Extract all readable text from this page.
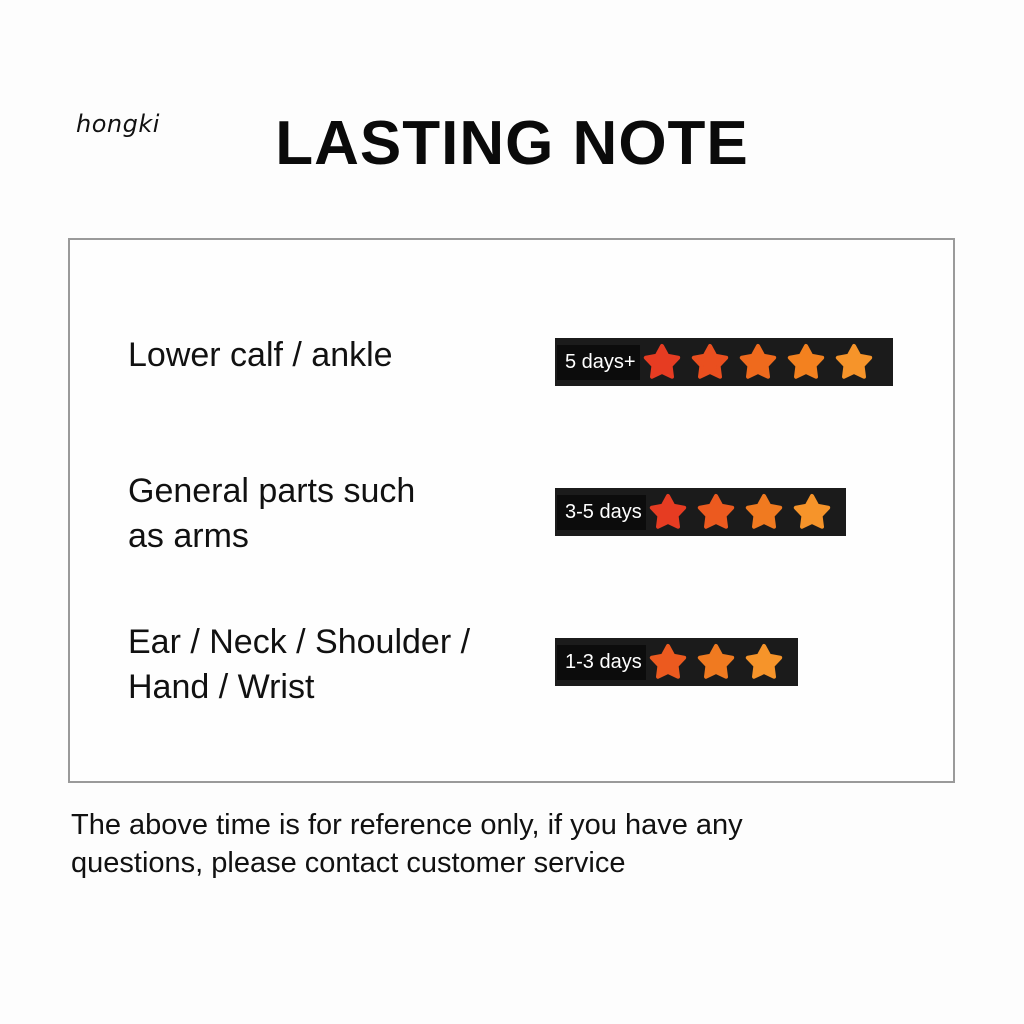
hongki	LASTING NOTE
Lower calf / ankle	5 days+
General parts such
as arms
3-5 days
Ear / Neck / Shoulder /
Hand / Wrist
1-3 days
The above time is for reference only, if you have any
questions, please contact customer service
